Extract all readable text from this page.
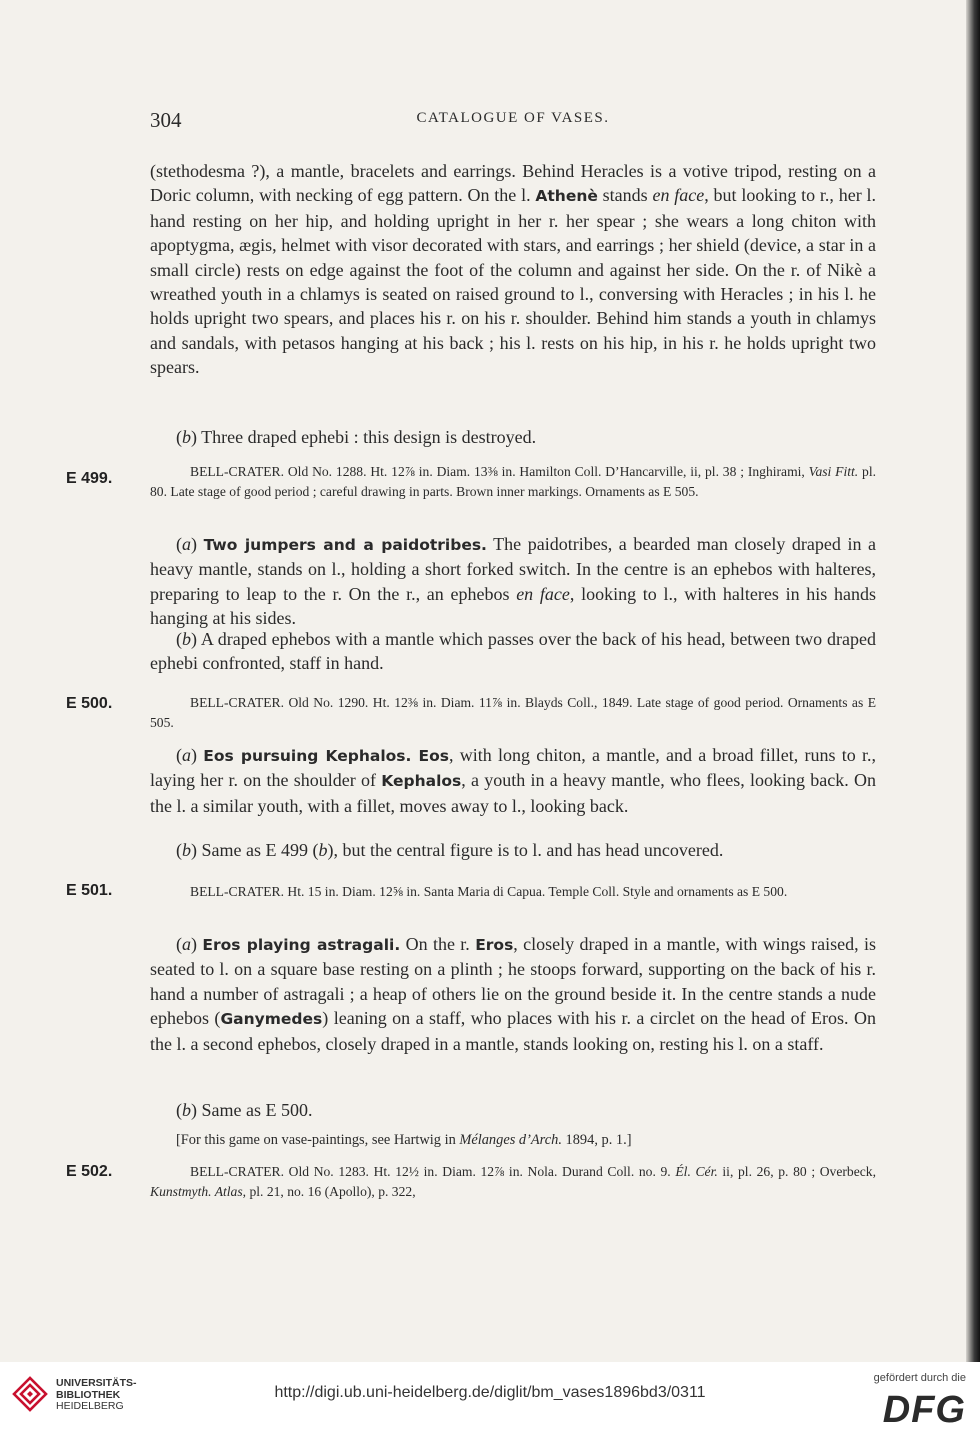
304	CATALOGUE OF VASES.

(stethodesma ?), a mantle, bracelets and earrings. Behind Heracles is a votive tripod, resting on a Doric column, with necking of egg pattern. On the l. Athenè stands en face, but looking to r., her l. hand resting on her hip, and holding upright in her r. her spear ; she wears a long chiton with apoptygma, ægis, helmet with visor decorated with stars, and earrings ; her shield (device, a star in a small circle) rests on edge against the foot of the column and against her side. On the r. of Nikè a wreathed youth in a chlamys is seated on raised ground to l., conversing with Heracles ; in his l. he holds upright two spears, and places his r. on his r. shoulder. Behind him stands a youth in chlamys and sandals, with petasos hanging at his back ; his l. rests on his hip, in his r. he holds upright two spears.

(b) Three draped ephebi : this design is destroyed.

E 499.	BELL-CRATER. Old No. 1288. Ht. 12⅞ in. Diam. 13⅜ in. Hamilton Coll. D’Hancarville, ii, pl. 38 ; Inghirami, Vasi Fitt. pl. 80. Late stage of good period ; careful drawing in parts. Brown inner markings. Ornaments as E 505.

(a) Two jumpers and a paidotribes. The paidotribes, a bearded man closely draped in a heavy mantle, stands on l., holding a short forked switch. In the centre is an ephebos with halteres, preparing to leap to the r. On the r., an ephebos en face, looking to l., with halteres in his hands hanging at his sides.

(b) A draped ephebos with a mantle which passes over the back of his head, between two draped ephebi confronted, staff in hand.

E 500.	BELL-CRATER. Old No. 1290. Ht. 12⅜ in. Diam. 11⅞ in. Blayds Coll., 1849. Late stage of good period. Ornaments as E 505.

(a) Eos pursuing Kephalos. Eos, with long chiton, a mantle, and a broad fillet, runs to r., laying her r. on the shoulder of Kephalos, a youth in a heavy mantle, who flees, looking back. On the l. a similar youth, with a fillet, moves away to l., looking back.

(b) Same as E 499 (b), but the central figure is to l. and has head uncovered.

E 501.	BELL-CRATER. Ht. 15 in. Diam. 12⅝ in. Santa Maria di Capua. Temple Coll. Style and ornaments as E 500.

(a) Eros playing astragali. On the r. Eros, closely draped in a mantle, with wings raised, is seated to l. on a square base resting on a plinth ; he stoops forward, supporting on the back of his r. hand a number of astragali ; a heap of others lie on the ground beside it. In the centre stands a nude ephebos (Ganymedes) leaning on a staff, who places with his r. a circlet on the head of Eros. On the l. a second ephebos, closely draped in a mantle, stands looking on, resting his l. on a staff.

(b) Same as E 500.

[For this game on vase-paintings, see Hartwig in Mélanges d’Arch. 1894, p. 1.]

E 502.	BELL-CRATER. Old No. 1283. Ht. 12½ in. Diam. 12⅞ in. Nola. Durand Coll. no. 9. Él. Cér. ii, pl. 26, p. 80 ; Overbeck, Kunstmyth. Atlas, pl. 21, no. 16 (Apollo), p. 322,

UNIVERSITÄTS-
BIBLIOTHEK
HEIDELBERG
http://digi.ub.uni-heidelberg.de/diglit/bm_vases1896bd3/0311
gefördert durch die
DFG
